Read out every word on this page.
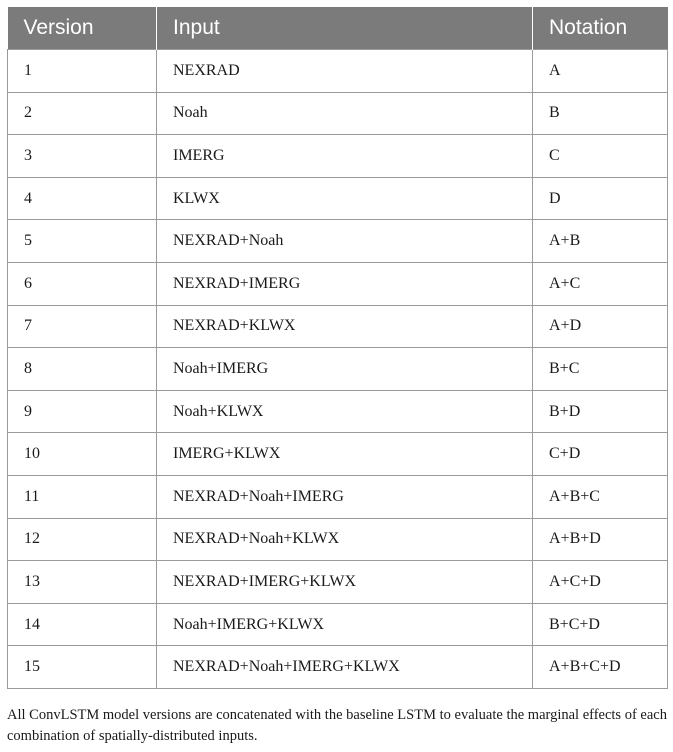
Version	Input	Notation
1	NEXRAD	A
2	Noah	B
3	IMERG	C
4	KLWX	D
5	NEXRAD+Noah	A+B
6	NEXRAD+IMERG	A+C
7	NEXRAD+KLWX	A+D
8	Noah+IMERG	B+C
9	Noah+KLWX	B+D
10	IMERG+KLWX	C+D
11	NEXRAD+Noah+IMERG	A+B+C
12	NEXRAD+Noah+KLWX	A+B+D
13	NEXRAD+IMERG+KLWX	A+C+D
14	Noah+IMERG+KLWX	B+C+D
15	NEXRAD+Noah+IMERG+KLWX	A+B+C+D
All ConvLSTM model versions are concatenated with the baseline LSTM to evaluate the marginal effects of each combination of spatially-distributed inputs.
